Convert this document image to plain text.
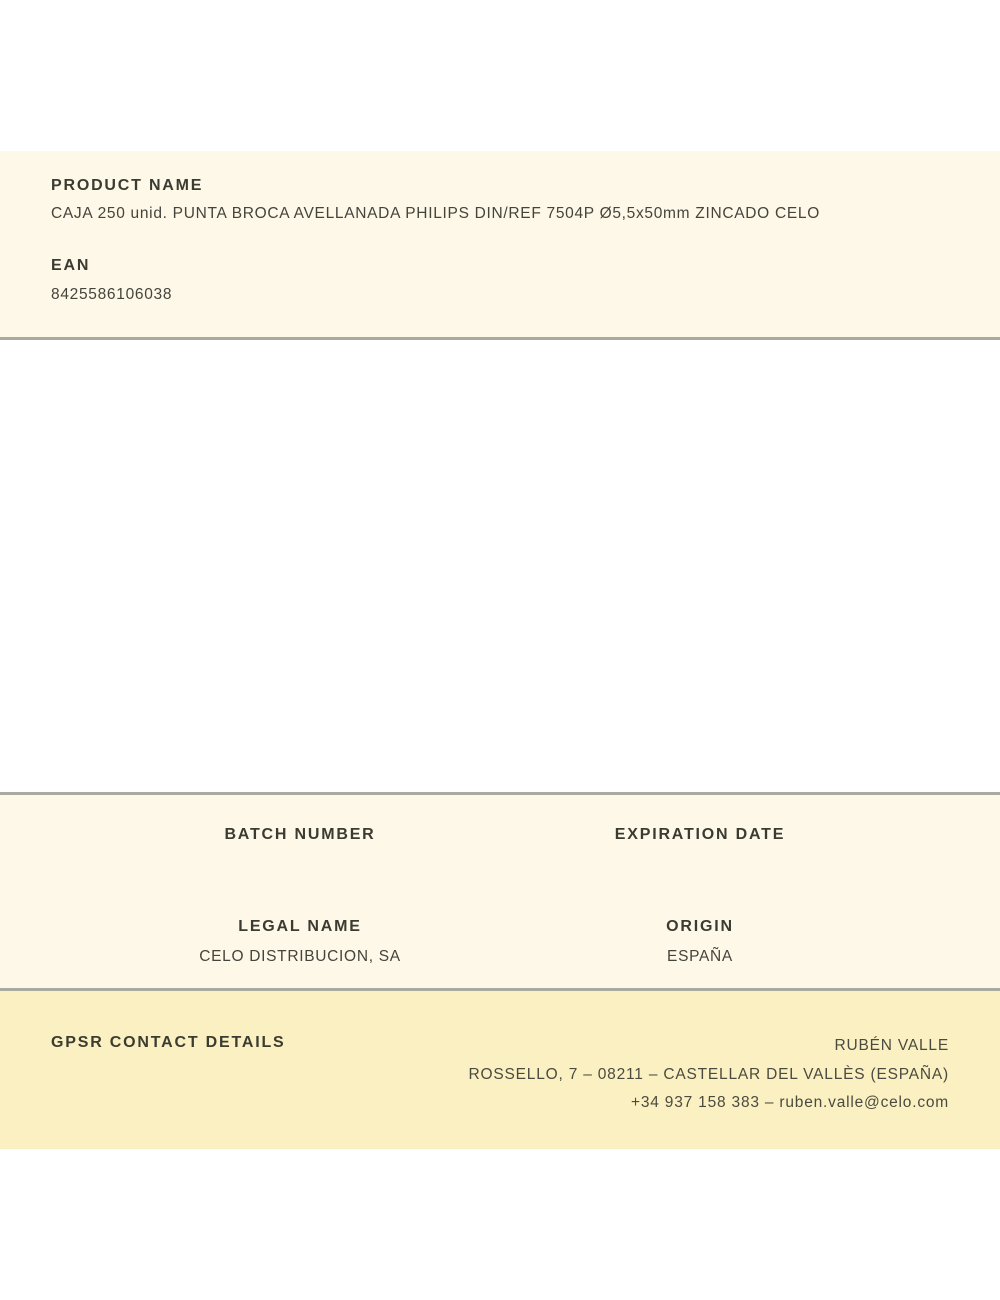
PRODUCT NAME
CAJA 250 unid. PUNTA BROCA AVELLANADA PHILIPS DIN/REF 7504P Ø5,5x50mm ZINCADO CELO
EAN
8425586106038
BATCH NUMBER
LEGAL NAME
CELO DISTRIBUCION, SA
EXPIRATION DATE
ORIGIN
ESPAÑA
GPSR CONTACT DETAILS	RUBÉN VALLE
ROSSELLO, 7 – 08211 – CASTELLAR DEL VALLÈS (ESPAÑA)
+34 937 158 383 – ruben.valle@celo.com
